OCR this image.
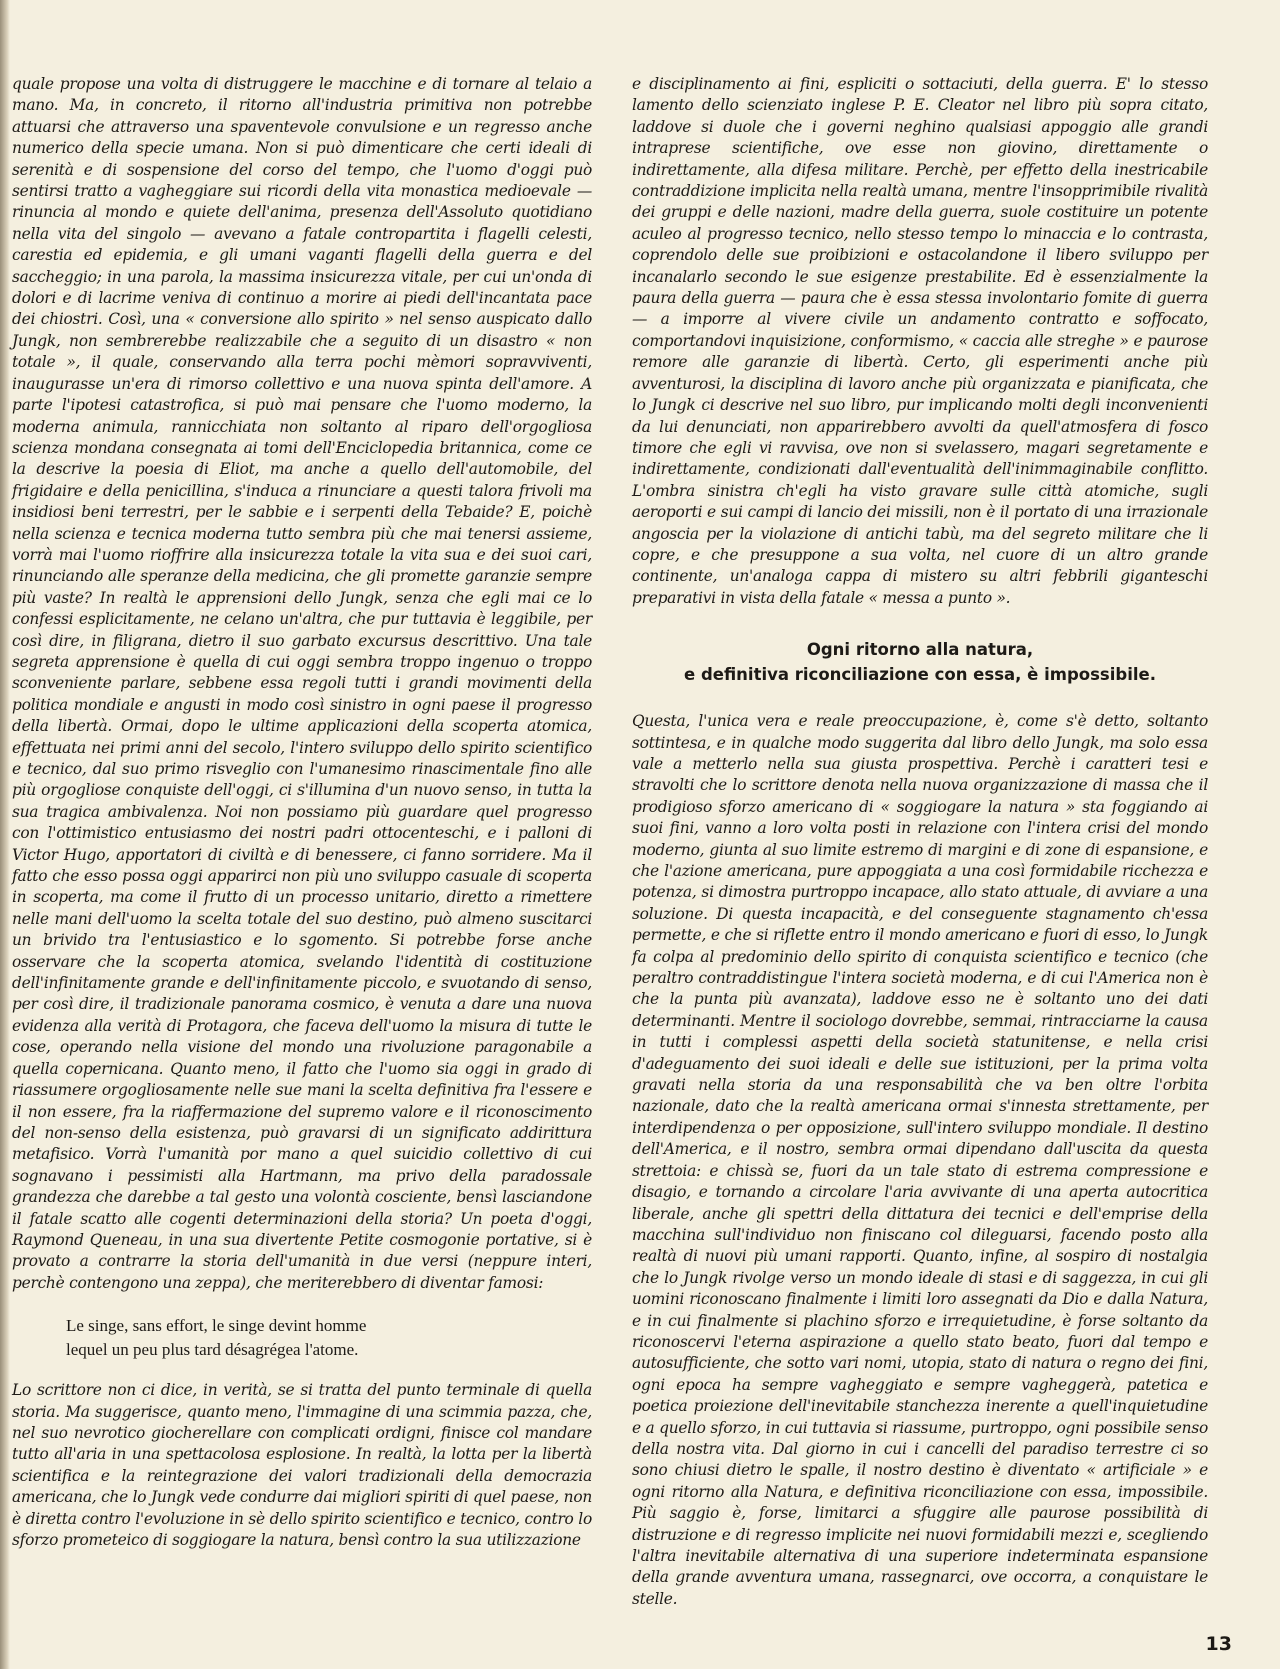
quale propose una volta di distruggere le macchine e di tornare al telaio a mano. Ma, in concreto, il ritorno all'industria primitiva non potrebbe attuarsi che attraverso una spaventevole convulsione e un regresso anche numerico della specie umana. Non si può dimenticare che certi ideali di serenità e di sospensione del corso del tempo, che l'uomo d'oggi può sentirsi tratto a vagheggiare sui ricordi della vita monastica medioevale — rinuncia al mondo e quiete dell'anima, presenza dell'Assoluto quotidiano nella vita del singolo — avevano a fatale contropartita i flagelli celesti, carestia ed epidemia, e gli umani vaganti flagelli della guerra e del saccheggio; in una parola, la massima insicurezza vitale, per cui un'onda di dolori e di lacrime veniva di continuo a morire ai piedi dell'incantata pace dei chiostri. Così, una « conversione allo spirito » nel senso auspicato dallo Jungk, non sembrerebbe realizzabile che a seguito di un disastro « non totale », il quale, conservando alla terra pochi mèmori sopravviventi, inaugurasse un'era di rimorso collettivo e una nuova spinta dell'amore. A parte l'ipotesi catastrofica, si può mai pensare che l'uomo moderno, la moderna animula, rannicchiata non soltanto al riparo dell'orgogliosa scienza mondana consegnata ai tomi dell'Enciclopedia britannica, come ce la descrive la poesia di Eliot, ma anche a quello dell'automobile, del frigidaire e della penicillina, s'induca a rinunciare a questi talora frivoli ma insidiosi beni terrestri, per le sabbie e i serpenti della Tebaide? E, poichè nella scienza e tecnica moderna tutto sembra più che mai tenersi assieme, vorrà mai l'uomo rioffrire alla insicurezza totale la vita sua e dei suoi cari, rinunciando alle speranze della medicina, che gli promette garanzie sempre più vaste? In realtà le apprensioni dello Jungk, senza che egli mai ce lo confessi esplicitamente, ne celano un'altra, che pur tuttavia è leggibile, per così dire, in filigrana, dietro il suo garbato excursus descrittivo. Una tale segreta apprensione è quella di cui oggi sembra troppo ingenuo o troppo sconveniente parlare, sebbene essa regoli tutti i grandi movimenti della politica mondiale e angusti in modo così sinistro in ogni paese il progresso della libertà. Ormai, dopo le ultime applicazioni della scoperta atomica, effettuata nei primi anni del secolo, l'intero sviluppo dello spirito scientifico e tecnico, dal suo primo risveglio con l'umanesimo rinascimentale fino alle più orgogliose conquiste dell'oggi, ci s'illumina d'un nuovo senso, in tutta la sua tragica ambivalenza. Noi non possiamo più guardare quel progresso con l'ottimistico entusiasmo dei nostri padri ottocenteschi, e i palloni di Victor Hugo, apportatori di civiltà e di benessere, ci fanno sorridere. Ma il fatto che esso possa oggi apparirci non più uno sviluppo casuale di scoperta in scoperta, ma come il frutto di un processo unitario, diretto a rimettere nelle mani dell'uomo la scelta totale del suo destino, può almeno suscitarci un brivido tra l'entusiastico e lo sgomento. Si potrebbe forse anche osservare che la scoperta atomica, svelando l'identità di costituzione dell'infinitamente grande e dell'infinitamente piccolo, e svuotando di senso, per così dire, il tradizionale panorama cosmico, è venuta a dare una nuova evidenza alla verità di Protagora, che faceva dell'uomo la misura di tutte le cose, operando nella visione del mondo una rivoluzione paragonabile a quella copernicana. Quanto meno, il fatto che l'uomo sia oggi in grado di riassumere orgogliosamente nelle sue mani la scelta definitiva fra l'essere e il non essere, fra la riaffermazione del supremo valore e il riconoscimento del non-senso della esistenza, può gravarsi di un significato addirittura metafisico. Vorrà l'umanità por mano a quel suicidio collettivo di cui sognavano i pessimisti alla Hartmann, ma privo della paradossale grandezza che darebbe a tal gesto una volontà cosciente, bensì lasciandone il fatale scatto alle cogenti determinazioni della storia? Un poeta d'oggi, Raymond Queneau, in una sua divertente Petite cosmogonie portative, si è provato a contrarre la storia dell'umanità in due versi (neppure interi, perchè contengono una zeppa), che meriterebbero di diventar famosi:

Le singe, sans effort, le singe devint homme
lequel un peu plus tard désagrégea l'atome.

Lo scrittore non ci dice, in verità, se si tratta del punto terminale di quella storia. Ma suggerisce, quanto meno, l'immagine di una scimmia pazza, che, nel suo nevrotico giocherellare con complicati ordigni, finisce col mandare tutto all'aria in una spettacolosa esplosione. In realtà, la lotta per la libertà scientifica e la reintegrazione dei valori tradizionali della democrazia americana, che lo Jungk vede condurre dai migliori spiriti di quel paese, non è diretta contro l'evoluzione in sè dello spirito scientifico e tecnico, contro lo sforzo prometeico di soggiogare la natura, bensì contro la sua utilizzazione

e disciplinamento ai fini, espliciti o sottaciuti, della guerra. E' lo stesso lamento dello scienziato inglese P. E. Cleator nel libro più sopra citato, laddove si duole che i governi neghino qualsiasi appoggio alle grandi intraprese scientifiche, ove esse non giovino, direttamente o indirettamente, alla difesa militare. Perchè, per effetto della inestricabile contraddizione implicita nella realtà umana, mentre l'insopprimibile rivalità dei gruppi e delle nazioni, madre della guerra, suole costituire un potente aculeo al progresso tecnico, nello stesso tempo lo minaccia e lo contrasta, coprendolo delle sue proibizioni e ostacolandone il libero sviluppo per incanalarlo secondo le sue esigenze prestabilite. Ed è essenzialmente la paura della guerra — paura che è essa stessa involontario fomite di guerra — a imporre al vivere civile un andamento contratto e soffocato, comportandovi inquisizione, conformismo, « caccia alle streghe » e paurose remore alle garanzie di libertà. Certo, gli esperimenti anche più avventurosi, la disciplina di lavoro anche più organizzata e pianificata, che lo Jungk ci descrive nel suo libro, pur implicando molti degli inconvenienti da lui denunciati, non apparirebbero avvolti da quell'atmosfera di fosco timore che egli vi ravvisa, ove non si svelassero, magari segretamente e indirettamente, condizionati dall'eventualità dell'inimmaginabile conflitto. L'ombra sinistra ch'egli ha visto gravare sulle città atomiche, sugli aeroporti e sui campi di lancio dei missili, non è il portato di una irrazionale angoscia per la violazione di antichi tabù, ma del segreto militare che li copre, e che presuppone a sua volta, nel cuore di un altro grande continente, un'analoga cappa di mistero su altri febbrili giganteschi preparativi in vista della fatale « messa a punto ».

Ogni ritorno alla natura,
e definitiva riconciliazione con essa, è impossibile.

Questa, l'unica vera e reale preoccupazione, è, come s'è detto, soltanto sottintesa, e in qualche modo suggerita dal libro dello Jungk, ma solo essa vale a metterlo nella sua giusta prospettiva. Perchè i caratteri tesi e stravolti che lo scrittore denota nella nuova organizzazione di massa che il prodigioso sforzo americano di « soggiogare la natura » sta foggiando ai suoi fini, vanno a loro volta posti in relazione con l'intera crisi del mondo moderno, giunta al suo limite estremo di margini e di zone di espansione, e che l'azione americana, pure appoggiata a una così formidabile ricchezza e potenza, si dimostra purtroppo incapace, allo stato attuale, di avviare a una soluzione. Di questa incapacità, e del conseguente stagnamento ch'essa permette, e che si riflette entro il mondo americano e fuori di esso, lo Jungk fa colpa al predominio dello spirito di conquista scientifico e tecnico (che peraltro contraddistingue l'intera società moderna, e di cui l'America non è che la punta più avanzata), laddove esso ne è soltanto uno dei dati determinanti. Mentre il sociologo dovrebbe, semmai, rintracciarne la causa in tutti i complessi aspetti della società statunitense, e nella crisi d'adeguamento dei suoi ideali e delle sue istituzioni, per la prima volta gravati nella storia da una responsabilità che va ben oltre l'orbita nazionale, dato che la realtà americana ormai s'innesta strettamente, per interdipendenza o per opposizione, sull'intero sviluppo mondiale. Il destino dell'America, e il nostro, sembra ormai dipendano dall'uscita da questa strettoia: e chissà se, fuori da un tale stato di estrema compressione e disagio, e tornando a circolare l'aria avvivante di una aperta autocritica liberale, anche gli spettri della dittatura dei tecnici e dell'emprise della macchina sull'individuo non finiscano col dileguarsi, facendo posto alla realtà di nuovi più umani rapporti. Quanto, infine, al sospiro di nostalgia che lo Jungk rivolge verso un mondo ideale di stasi e di saggezza, in cui gli uomini riconoscano finalmente i limiti loro assegnati da Dio e dalla Natura, e in cui finalmente si plachino sforzo e irrequietudine, è forse soltanto da riconoscervi l'eterna aspirazione a quello stato beato, fuori dal tempo e autosufficiente, che sotto vari nomi, utopia, stato di natura o regno dei fini, ogni epoca ha sempre vagheggiato e sempre vagheggerà, patetica e poetica proiezione dell'inevitabile stanchezza inerente a quell'inquietudine e a quello sforzo, in cui tuttavia si riassume, purtroppo, ogni possibile senso della nostra vita. Dal giorno in cui i cancelli del paradiso terrestre ci so sono chiusi dietro le spalle, il nostro destino è diventato « artificiale » e ogni ritorno alla Natura, e definitiva riconciliazione con essa, impossibile. Più saggio è, forse, limitarci a sfuggire alle paurose possibilità di distruzione e di regresso implicite nei nuovi formidabili mezzi e, scegliendo l'altra inevitabile alternativa di una superiore indeterminata espansione della grande avventura umana, rassegnarci, ove occorra, a conquistare le stelle.

13
